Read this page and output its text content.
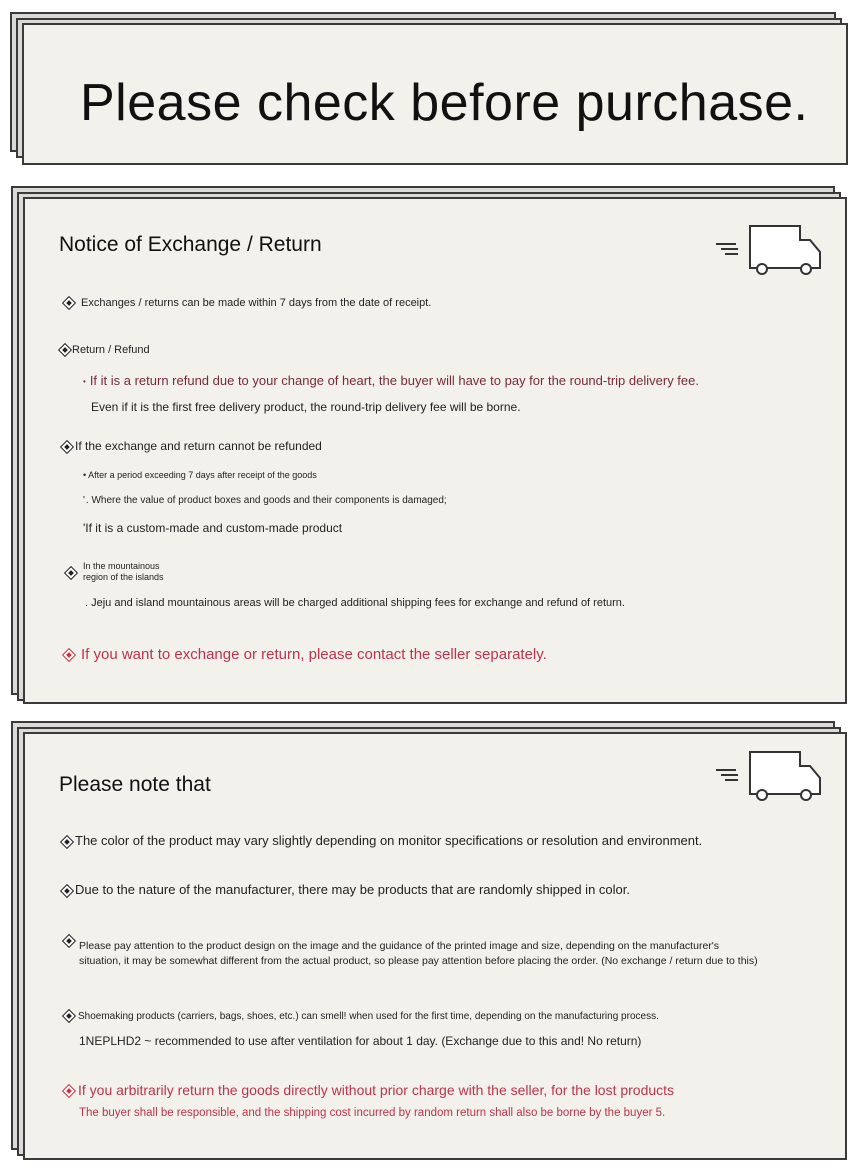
Please check before purchase.
Notice of Exchange / Return
Exchanges / returns can be made within 7 days from the date of receipt.
Return / Refund
• If it is a return refund due to your change of heart, the buyer will have to pay for the round-trip delivery fee.
Even if it is the first free delivery product, the round-trip delivery fee will be borne.
If the exchange and return cannot be refunded
• After a period exceeding 7 days after receipt of the goods
'. Where the value of product boxes and goods and their components is damaged;
'If it is a custom-made and custom-made product
In the mountainous
region of the islands
. Jeju and island mountainous areas will be charged additional shipping fees for exchange and refund of return.
If you want to exchange or return, please contact the seller separately.
Please note that
The color of the product may vary slightly depending on monitor specifications or resolution and environment.
Due to the nature of the manufacturer, there may be products that are randomly shipped in color.
Please pay attention to the product design on the image and the guidance of the printed image and size, depending on the manufacturer's
situation, it may be somewhat different from the actual product, so please pay attention before placing the order. (No exchange / return due to this)
Shoemaking products (carriers, bags, shoes, etc.) can smell! when used for the first time, depending on the manufacturing process.
1NEPLHD2 ~ recommended to use after ventilation for about 1 day. (Exchange due to this and! No return)
If you arbitrarily return the goods directly without prior charge with the seller, for the lost products
The buyer shall be responsible, and the shipping cost incurred by random return shall also be borne by the buyer 5.
